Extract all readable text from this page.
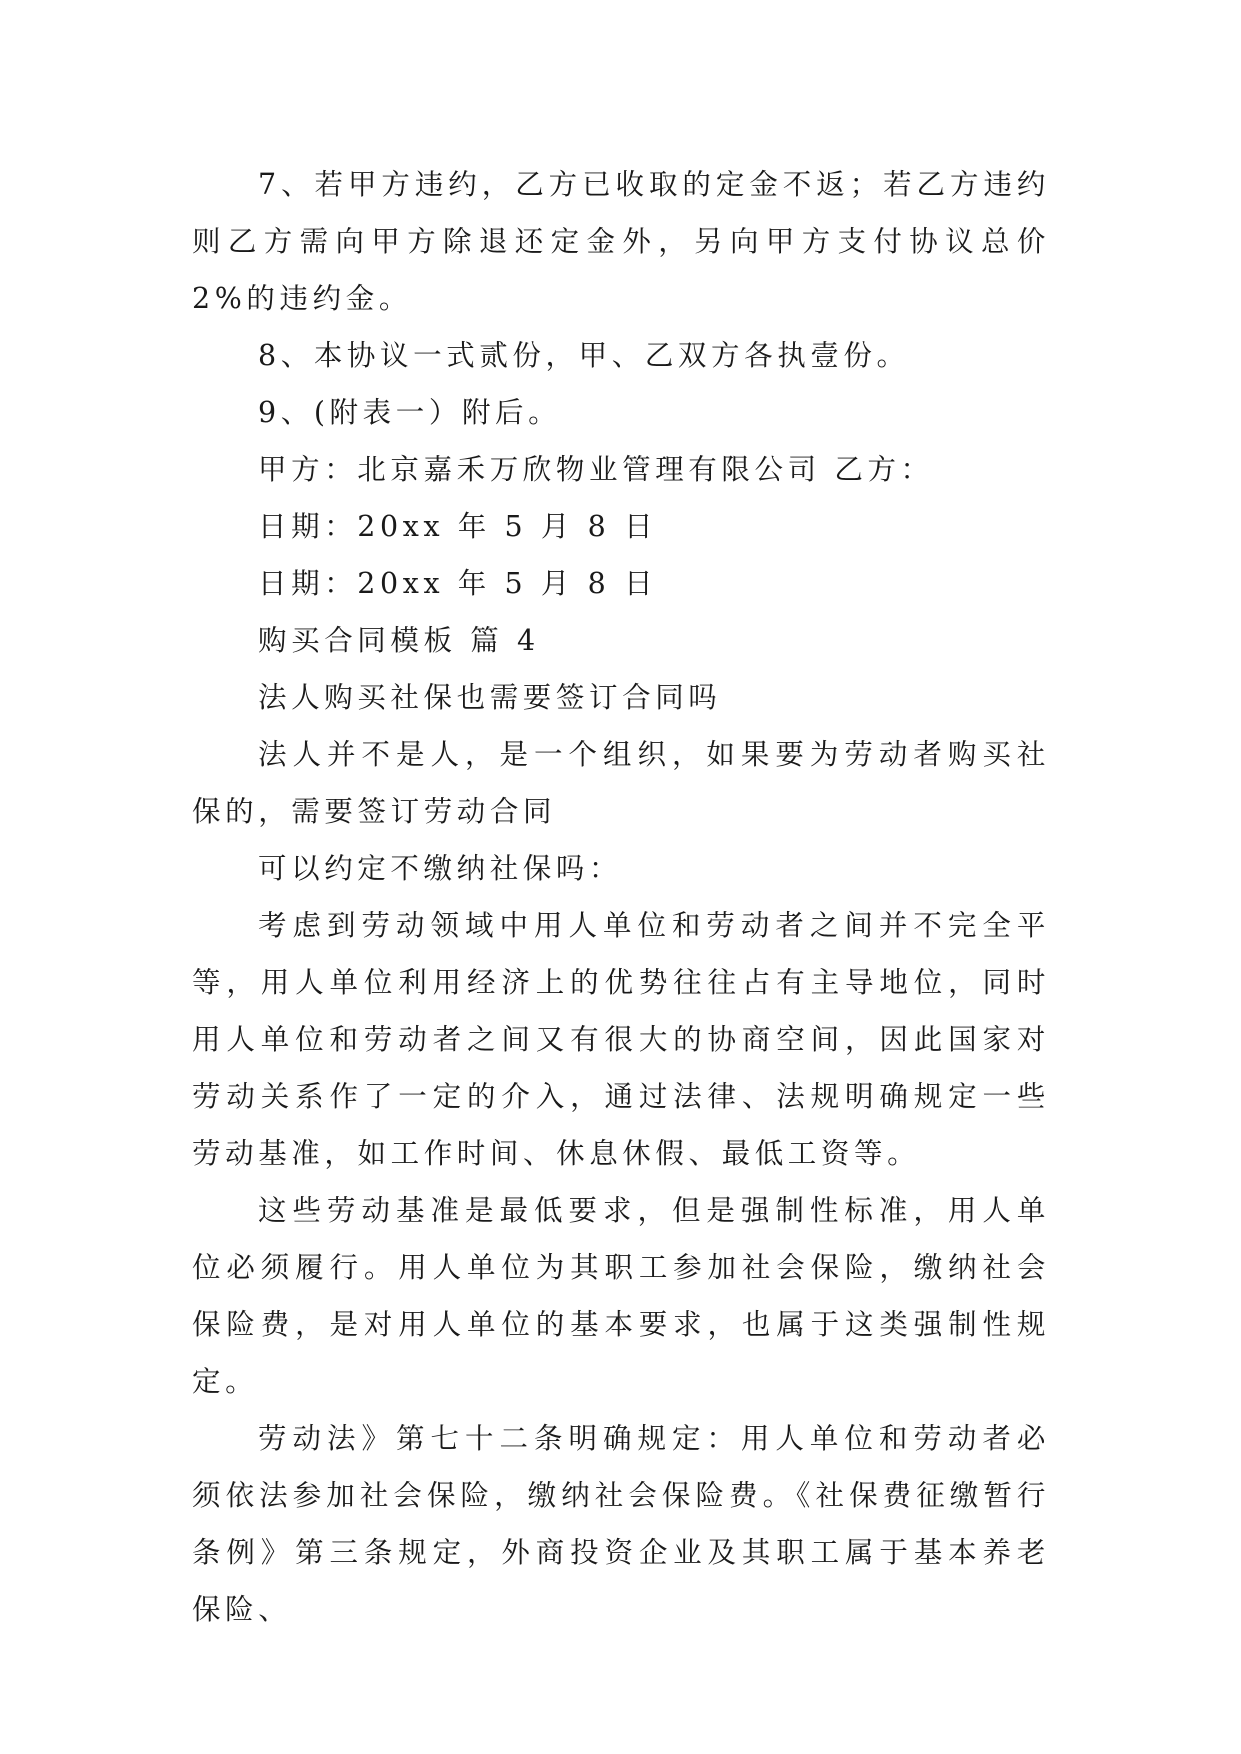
7、若甲方违约，乙方已收取的定金不返；若乙方违约则乙方需向甲方除退还定金外，另向甲方支付协议总价 2%的违约金。

8、本协议一式贰份，甲、乙双方各执壹份。

9、(附表一）附后。

甲方：北京嘉禾万欣物业管理有限公司 乙方：

日期：20xx 年 5 月 8 日

日期：20xx 年 5 月 8 日

购买合同模板 篇 4

法人购买社保也需要签订合同吗

法人并不是人，是一个组织，如果要为劳动者购买社保的，需要签订劳动合同

可以约定不缴纳社保吗：

考虑到劳动领域中用人单位和劳动者之间并不完全平等，用人单位利用经济上的优势往往占有主导地位，同时用人单位和劳动者之间又有很大的协商空间，因此国家对劳动关系作了一定的介入，通过法律、法规明确规定一些劳动基准，如工作时间、休息休假、最低工资等。

这些劳动基准是最低要求，但是强制性标准，用人单位必须履行。用人单位为其职工参加社会保险，缴纳社会保险费，是对用人单位的基本要求，也属于这类强制性规定。

劳动法》第七十二条明确规定：用人单位和劳动者必须依法参加社会保险，缴纳社会保险费。《社保费征缴暂行条例》第三条规定，外商投资企业及其职工属于基本养老保险、
